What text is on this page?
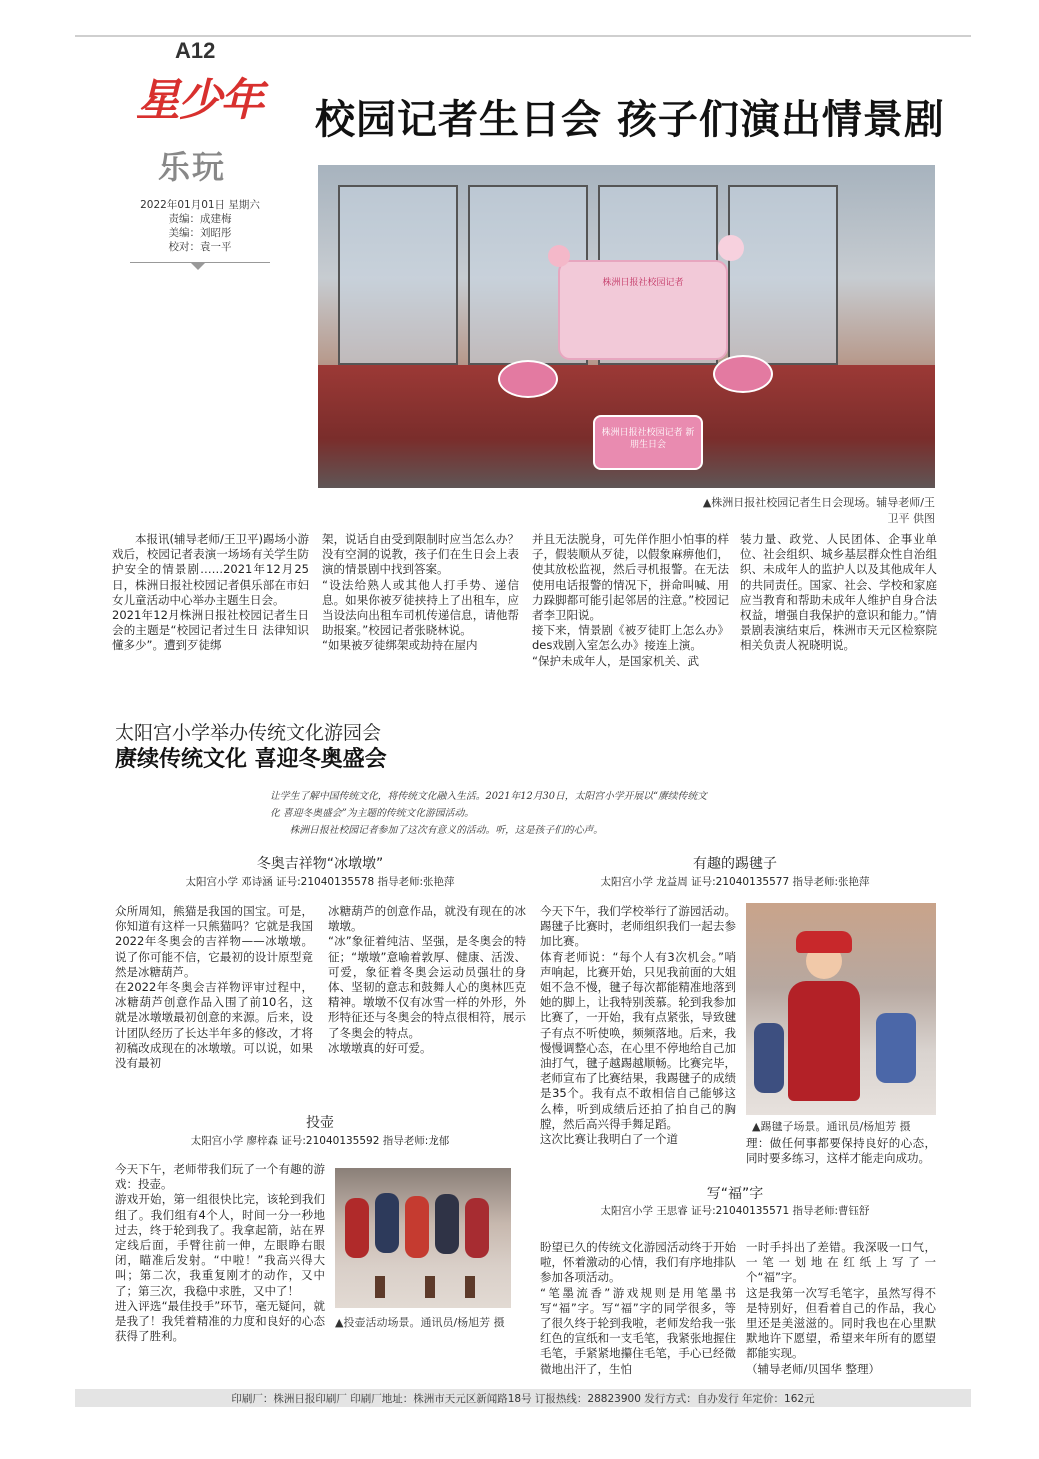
A12
星少年
乐玩
2022年01月01日 星期六
责编：成建梅
美编：刘昭彤
校对：袁一平
校园记者生日会 孩子们演出情景剧
株洲日报社校园记者
株洲日报社校园记者 新朋生日会
▲株洲日报社校园记者生日会现场。辅导老师/王卫平 供图
本报讯(辅导老师/王卫平)踢场小游戏后，校园记者表演一场场有关学生防护安全的情景剧……2021年12月25日，株洲日报社校园记者俱乐部在市妇女儿童活动中心举办主题生日会。
2021年12月株洲日报社校园记者生日会的主题是“校园记者过生日 法律知识懂多少”。遭到歹徒绑
架，说话自由受到限制时应当怎么办？没有空洞的说教，孩子们在生日会上表演的情景剧中找到答案。
“设法给熟人或其他人打手势、递信息。如果你被歹徒挟持上了出租车，应当设法向出租车司机传递信息，请他帮助报案。”校园记者张晓林说。
“如果被歹徒绑架或劫持在屋内
并且无法脱身，可先佯作胆小怕事的样子，假装顺从歹徒，以假象麻痹他们，使其放松监视，然后寻机报警。在无法使用电话报警的情况下，拼命叫喊、用力跺脚都可能引起邻居的注意。”校园记者李卫阳说。
接下来，情景剧《被歹徒盯上怎么办》des戏剧入室怎么办》接连上演。
“保护未成年人，是国家机关、武
装力量、政党、人民团体、企事业单位、社会组织、城乡基层群众性自治组织、未成年人的监护人以及其他成年人的共同责任。国家、社会、学校和家庭应当教育和帮助未成年人维护自身合法权益，增强自我保护的意识和能力。”情景剧表演结束后，株洲市天元区检察院相关负责人祝晓明说。
太阳宫小学举办传统文化游园会
赓续传统文化 喜迎冬奥盛会
让学生了解中国传统文化，将传统文化融入生活。2021年12月30日，太阳宫小学开展以“赓续传统文
化 喜迎冬奥盛会”为主题的传统文化游园活动。
株洲日报社校园记者参加了这次有意义的活动。听，这是孩子们的心声。
冬奥吉祥物“冰墩墩”
太阳宫小学 邓诗涵 证号:21040135578 指导老师:张艳萍
众所周知，熊猫是我国的国宝。可是，你知道有这样一只熊猫吗？它就是我国2022年冬奥会的吉祥物——冰墩墩。说了你可能不信，它最初的设计原型竟然是冰糖葫芦。
在2022年冬奥会吉祥物评审过程中，冰糖葫芦创意作品入围了前10名，这就是冰墩墩最初创意的来源。后来，设计团队经历了长达半年多的修改，才将初稿改成现在的冰墩墩。可以说，如果没有最初
冰糖葫芦的创意作品，就没有现在的冰墩墩。
“冰”象征着纯洁、坚强，是冬奥会的特征；“墩墩”意喻着敦厚、健康、活泼、可爱，象征着冬奥会运动员强壮的身体、坚韧的意志和鼓舞人心的奥林匹克精神。墩墩不仅有冰雪一样的外形，外形特征还与冬奥会的特点很相符，展示了冬奥会的特点。
冰墩墩真的好可爱。
有趣的踢毽子
太阳宫小学 龙益周 证号:21040135577 指导老师:张艳萍
今天下午，我们学校举行了游园活动。踢毽子比赛时，老师组织我们一起去参加比赛。
体育老师说：“每个人有3次机会。”哨声响起，比赛开始，只见我前面的大姐姐不急不慢，毽子每次都能精准地落到她的脚上，让我特别羡慕。轮到我参加比赛了，一开始，我有点紧张，导致毽子有点不听使唤，频频落地。后来，我慢慢调整心态，在心里不停地给自己加油打气，毽子越踢越顺畅。比赛完毕，老师宣布了比赛结果，我踢毽子的成绩是35个。我有点不敢相信自己能够这么棒，听到成绩后还拍了拍自己的胸膛，然后高兴得手舞足蹈。
这次比赛让我明白了一个道
▲踢毽子场景。通讯员/杨旭芳 摄
理：做任何事都要保持良好的心态，同时要多练习，这样才能走向成功。
投壶
太阳宫小学 廖梓森 证号:21040135592 指导老师:龙郁
今天下午，老师带我们玩了一个有趣的游戏：投壶。
游戏开始，第一组很快比完，该轮到我们组了。我们组有4个人，时间一分一秒地过去，终于轮到我了。我拿起箭，站在界定线后面，手臂往前一伸，左眼睁右眼闭，瞄准后发射。“中啦！”我高兴得大叫；第二次，我重复刚才的动作，又中了；第三次，我稳中求胜，又中了！
进入评选“最佳投手”环节，毫无疑问，就是我了！我凭着精准的力度和良好的心态获得了胜利。
▲投壶活动场景。通讯员/杨旭芳 摄
写“福”字
太阳宫小学 王思睿 证号:21040135571 指导老师:曹钰舒
盼望已久的传统文化游园活动终于开始啦，怀着激动的心情，我们有序地排队参加各项活动。
“笔墨流香”游戏规则是用笔墨书写“福”字。写“福”字的同学很多，等了很久终于轮到我啦，老师发给我一张红色的宣纸和一支毛笔，我紧张地握住毛笔，手紧紧地攥住毛笔，手心已经微微地出汗了，生怕
一时手抖出了差错。我深吸一口气，一笔一划地在红纸上写了一个“福”字。
这是我第一次写毛笔字，虽然写得不是特别好，但看着自己的作品，我心里还是美滋滋的。同时我也在心里默默地许下愿望，希望来年所有的愿望都能实现。
（辅导老师/贝国华 整理）
印刷厂：株洲日报印刷厂 印刷厂地址：株洲市天元区新闻路18号 订报热线：28823900 发行方式：自办发行 年定价：162元
